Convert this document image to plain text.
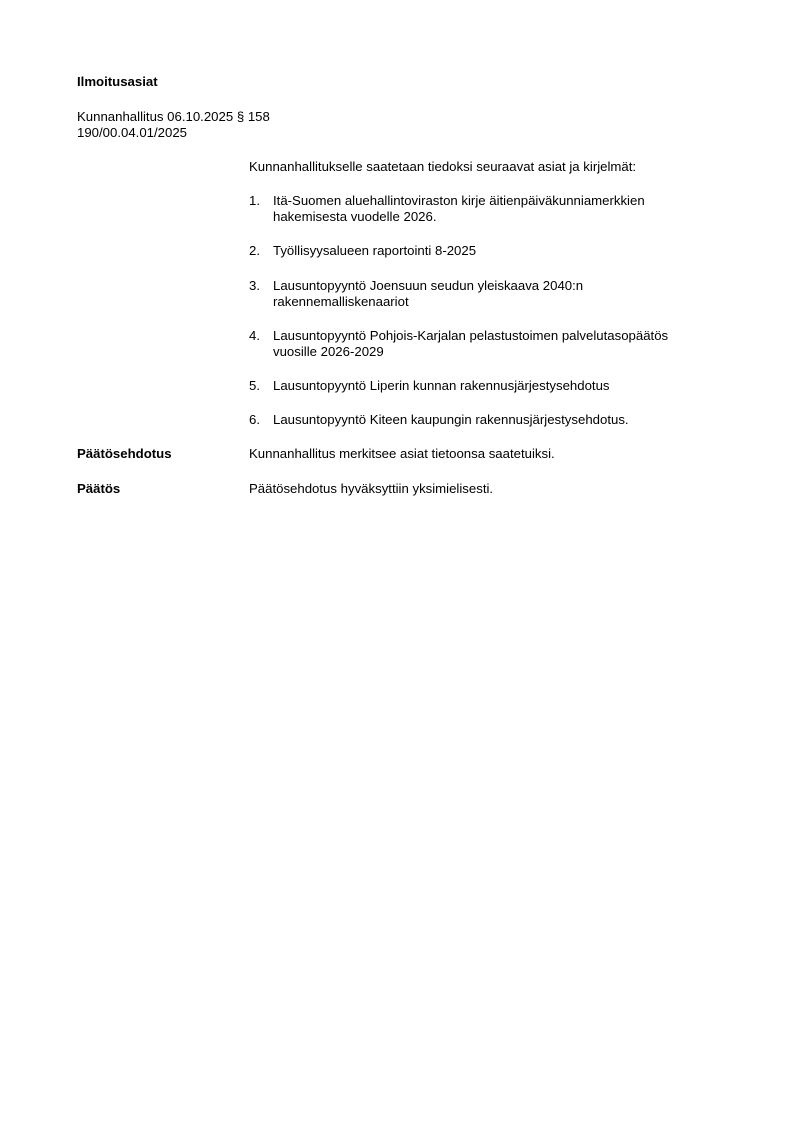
Ilmoitusasiat
Kunnanhallitus 06.10.2025 § 158
190/00.04.01/2025
Kunnanhallitukselle saatetaan tiedoksi seuraavat asiat ja kirjelmät:
1. Itä-Suomen aluehallintoviraston kirje äitienpäiväkunniamerkkien
hakemisesta vuodelle 2026.
2. Työllisyysalueen raportointi 8-2025
3. Lausuntopyyntö Joensuun seudun yleiskaava 2040:n
rakennemalliskenaariot
4. Lausuntopyyntö Pohjois-Karjalan pelastustoimen palvelutasopäätös
vuosille 2026-2029
5. Lausuntopyyntö Liperin kunnan rakennusjärjestysehdotus
6. Lausuntopyyntö Kiteen kaupungin rakennusjärjestysehdotus.
Päätösehdotus	Kunnanhallitus merkitsee asiat tietoonsa saatetuiksi.
Päätös	Päätösehdotus hyväksyttiin yksimielisesti.
